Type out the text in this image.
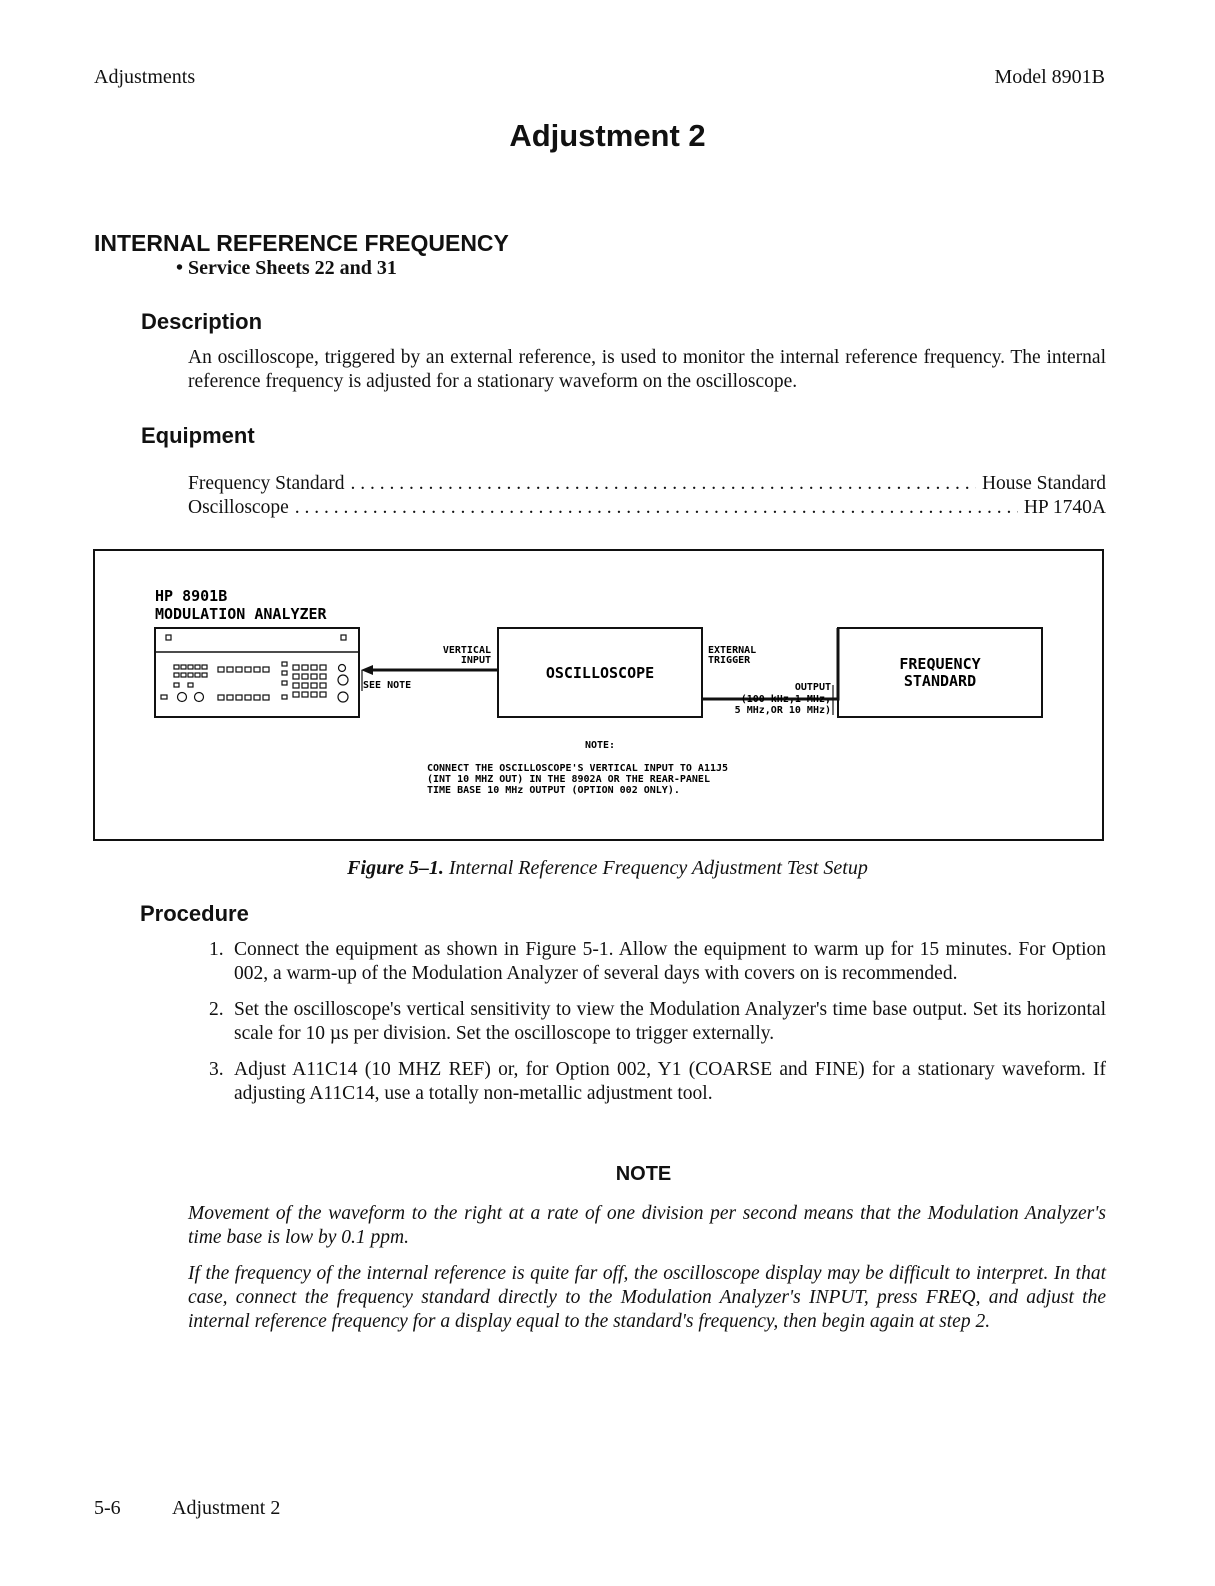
Adjustments	Model 8901B
Adjustment 2
INTERNAL REFERENCE FREQUENCY
• Service Sheets 22 and 31
Description
An oscilloscope, triggered by an external reference, is used to monitor the internal reference frequency. The internal reference frequency is adjusted for a stationary waveform on the oscilloscope.
Equipment
Frequency Standard . . .	House Standard
Oscilloscope . . .	HP 1740A
HP 8901B
MODULATION ANALYZER
SEE NOTE
VERTICAL
INPUT
OSCILLOSCOPE
EXTERNAL
TRIGGER
OUTPUT
(100 kHz,1 MHz,
5 MHz,OR 10 MHz)
FREQUENCY
STANDARD
NOTE:
CONNECT THE OSCILLOSCOPE'S VERTICAL INPUT TO A11J5
(INT 10 MHZ OUT) IN THE 8902A OR THE REAR-PANEL
TIME BASE 10 MHz OUTPUT (OPTION 002 ONLY).
Figure 5–1. Internal Reference Frequency Adjustment Test Setup
Procedure
1. Connect the equipment as shown in Figure 5-1. Allow the equipment to warm up for 15 minutes. For Option 002, a warm-up of the Modulation Analyzer of several days with covers on is recommended.
2. Set the oscilloscope's vertical sensitivity to view the Modulation Analyzer's time base output. Set its horizontal scale for 10 µs per division. Set the oscilloscope to trigger externally.
3. Adjust A11C14 (10 MHZ REF) or, for Option 002, Y1 (COARSE and FINE) for a stationary waveform. If adjusting A11C14, use a totally non-metallic adjustment tool.
NOTE
Movement of the waveform to the right at a rate of one division per second means that the Modulation Analyzer's time base is low by 0.1 ppm.
If the frequency of the internal reference is quite far off, the oscilloscope display may be difficult to interpret. In that case, connect the frequency standard directly to the Modulation Analyzer's INPUT, press FREQ, and adjust the internal reference frequency for a display equal to the standard's frequency, then begin again at step 2.
5-6	Adjustment 2
